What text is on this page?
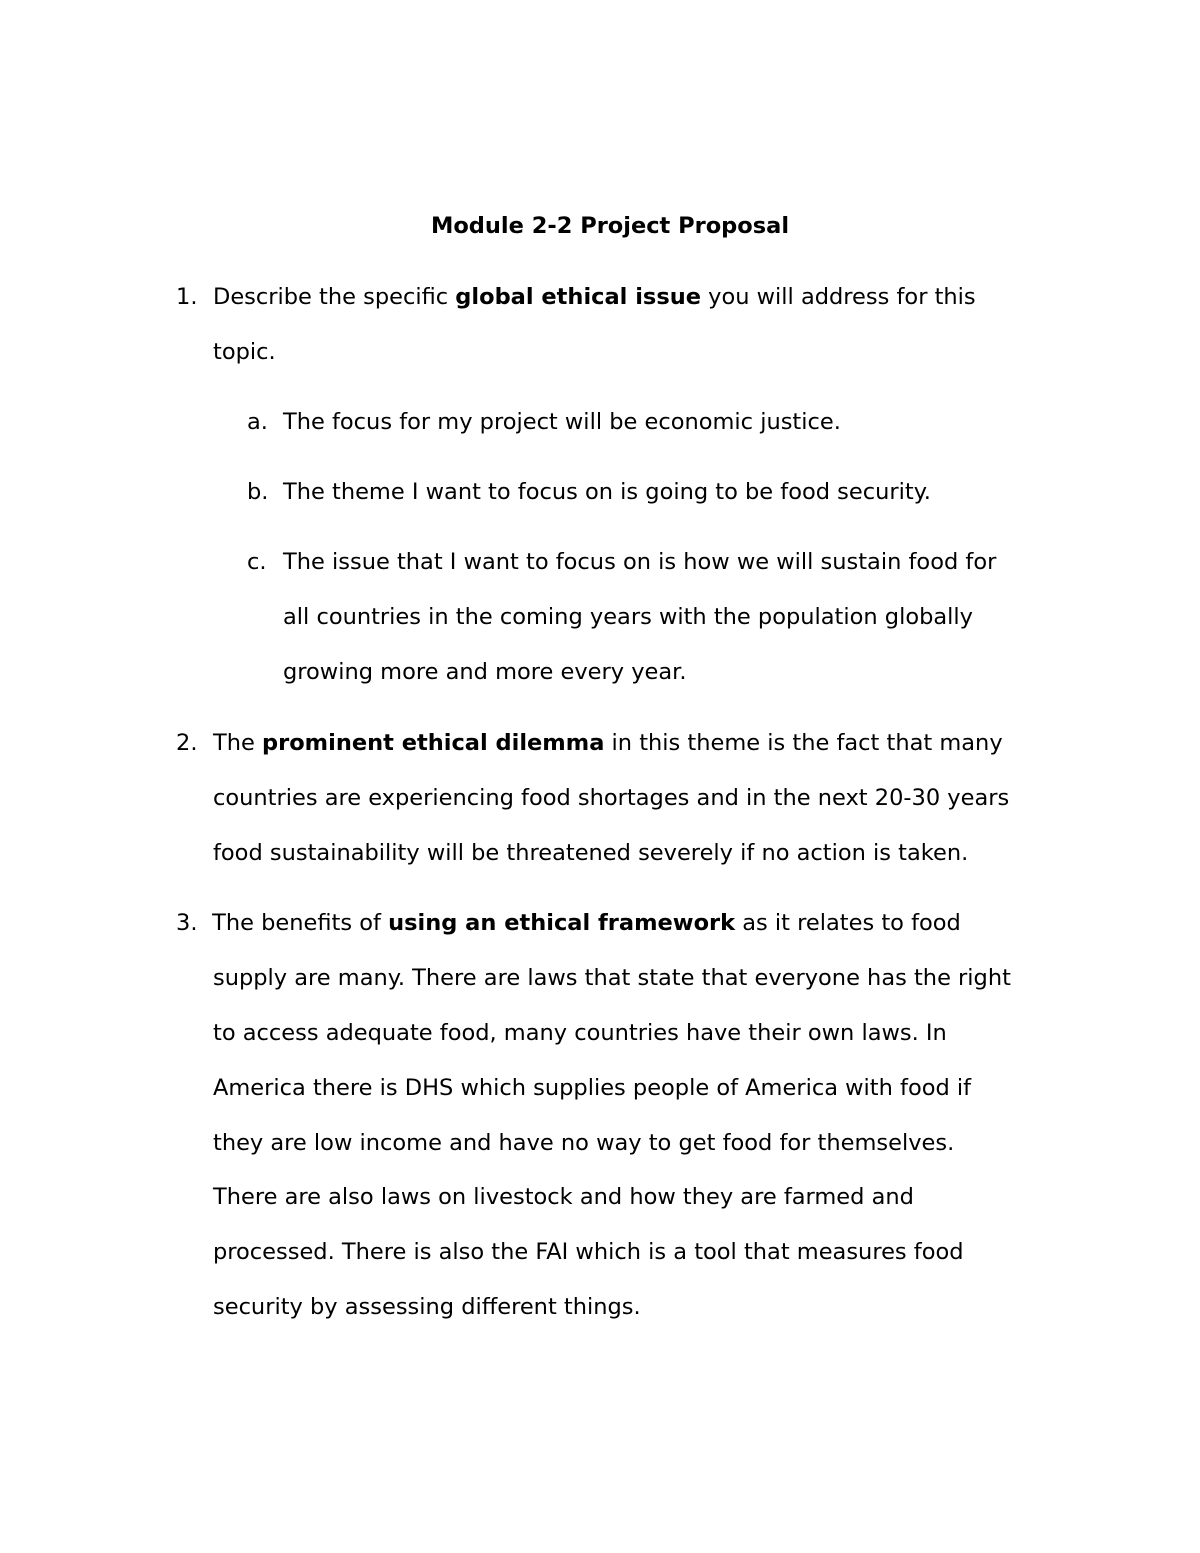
Module 2-2 Project Proposal
1. Describe the specific global ethical issue you will address for this

topic.

a. The focus for my project will be economic justice.

b. The theme I want to focus on is going to be food security.

c. The issue that I want to focus on is how we will sustain food for

all countries in the coming years with the population globally

growing more and more every year.

2. The prominent ethical dilemma in this theme is the fact that many

countries are experiencing food shortages and in the next 20-30 years

food sustainability will be threatened severely if no action is taken.

3. The benefits of using an ethical framework as it relates to food

supply are many. There are laws that state that everyone has the right

to access adequate food, many countries have their own laws. In

America there is DHS which supplies people of America with food if

they are low income and have no way to get food for themselves.

There are also laws on livestock and how they are farmed and

processed. There is also the FAI which is a tool that measures food

security by assessing different things.
